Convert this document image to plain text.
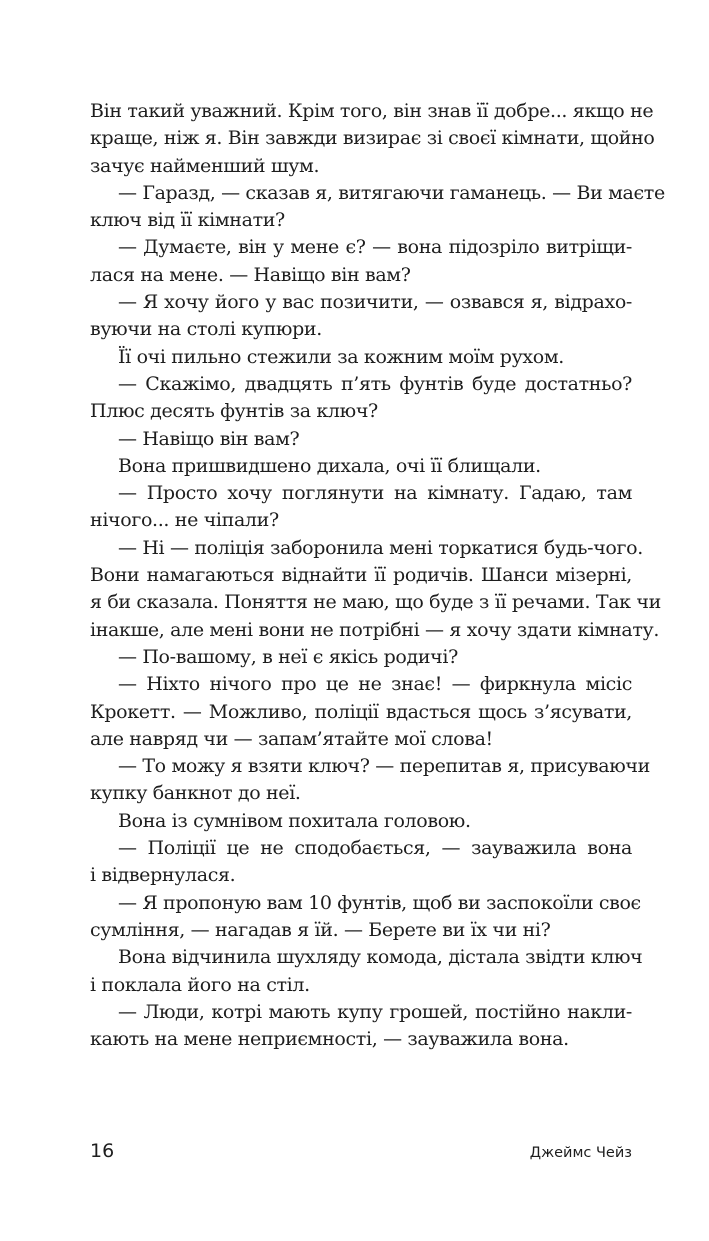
Він такий уважний. Крім того, він знав її добре... якщо не
краще, ніж я. Він завжди визирає зі своєї кімнати, щойно
зачує найменший шум.
— Гаразд, — сказав я, витягаючи гаманець. — Ви маєте
ключ від її кімнати?
— Думаєте, він у мене є? — вона підозріло витріщи-
лася на мене. — Навіщо він вам?
— Я хочу його у вас позичити, — озвався я, відрахо-
вуючи на столі купюри.
Її очі пильно стежили за кожним моїм рухом.
— Скажімо, двадцять п’ять фунтів буде достатньо?
Плюс десять фунтів за ключ?
— Навіщо він вам?
Вона пришвидшено дихала, очі її блищали.
— Просто хочу поглянути на кімнату. Гадаю, там
нічого... не чіпали?
— Ні — поліція заборонила мені торкатися будь-чого.
Вони намагаються віднайти її родичів. Шанси мізерні,
я би сказала. Поняття не маю, що буде з її речами. Так чи
інакше, але мені вони не потрібні — я хочу здати кімнату.
— По-вашому, в неї є якісь родичі?
— Ніхто нічого про це не знає! — фиркнула місіс
Крокетт. — Можливо, поліції вдасться щось з’ясувати,
але навряд чи — запам’ятайте мої слова!
— То можу я взяти ключ? — перепитав я, присуваючи
купку банкнот до неї.
Вона із сумнівом похитала головою.
— Поліції це не сподобається, — зауважила вона
і відвернулася.
— Я пропоную вам 10 фунтів, щоб ви заспокоїли своє
сумління, — нагадав я їй. — Берете ви їх чи ні?
Вона відчинила шухляду комода, дістала звідти ключ
і поклала його на стіл.
— Люди, котрі мають купу грошей, постійно накли-
кають на мене неприємності, — зауважила вона.
16	Джеймс Чейз
